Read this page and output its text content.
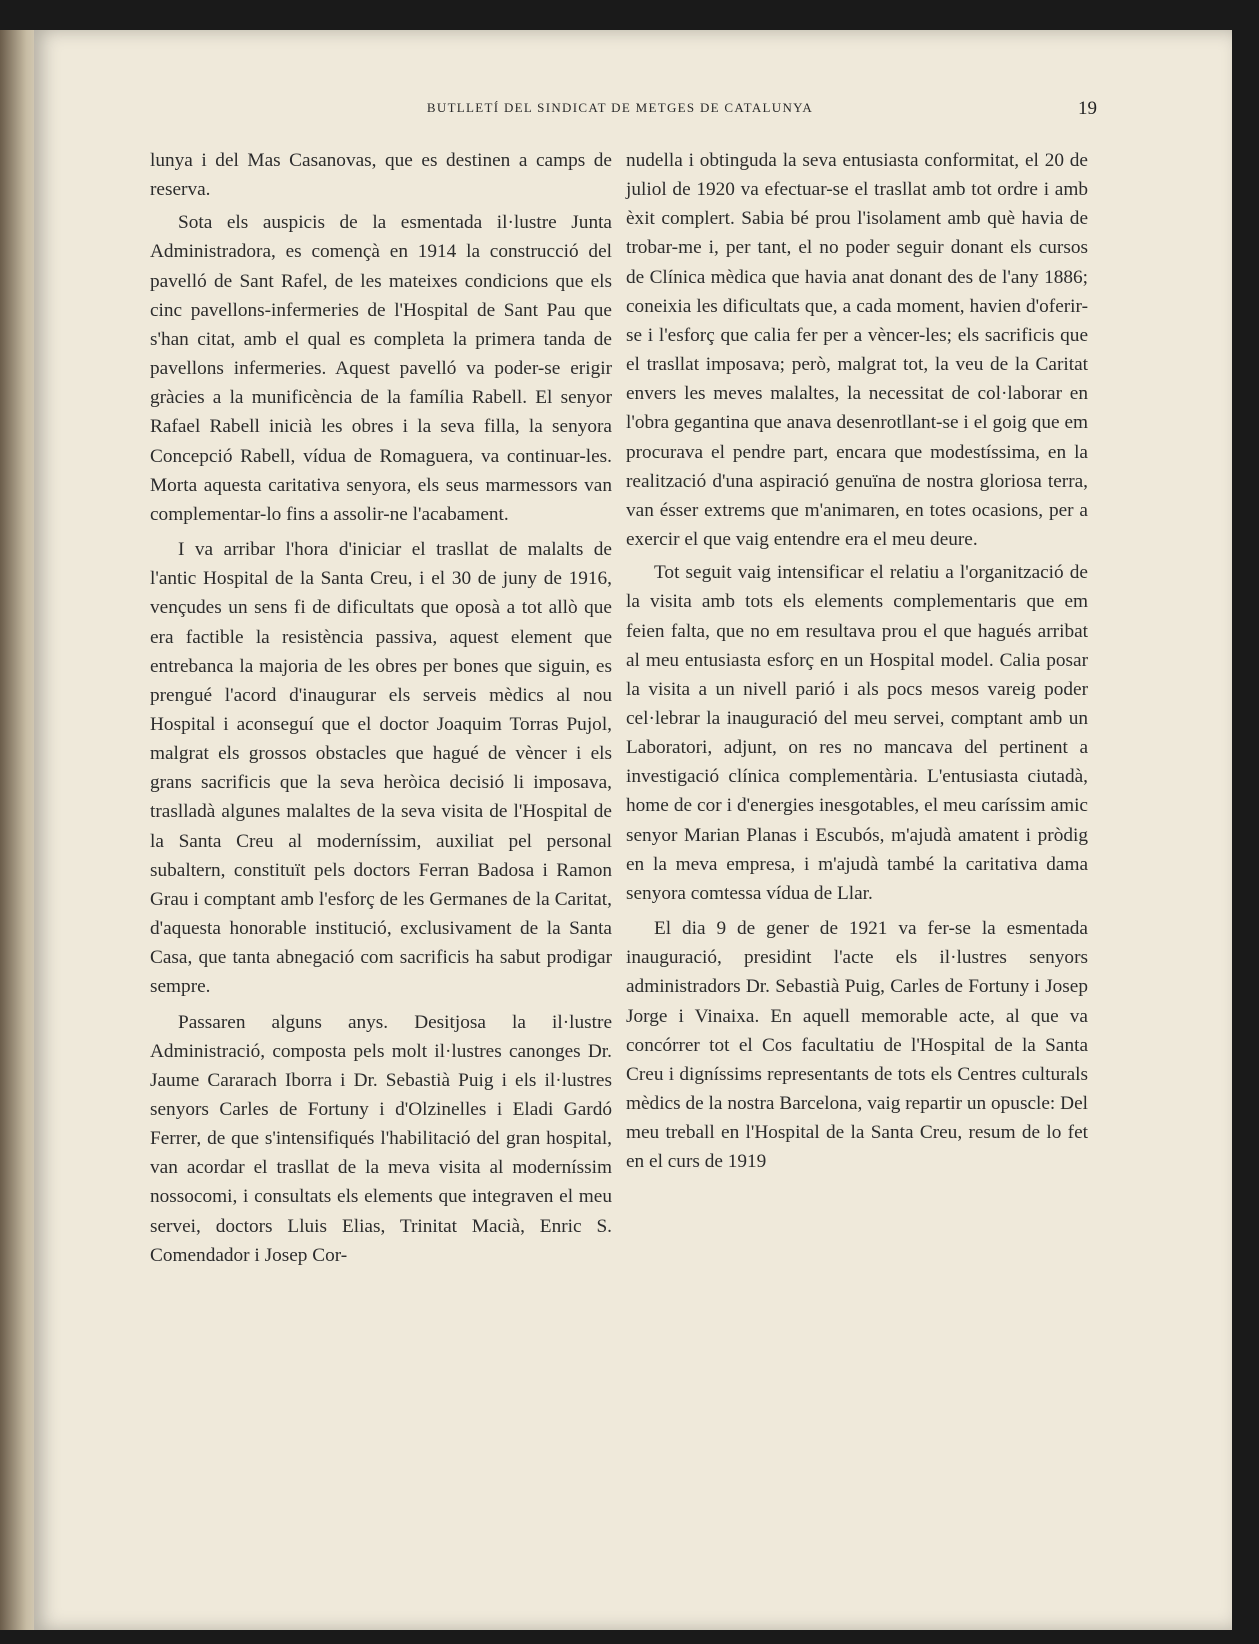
BUTLLETÍ DEL SINDICAT DE METGES DE CATALUNYA	19

lunya i del Mas Casanovas, que es destinen a camps de reserva.

Sota els auspicis de la esmentada il·lustre Junta Administradora, es començà en 1914 la construcció del pavelló de Sant Rafel, de les mateixes condicions que els cinc pavellons-infermeries de l'Hospital de Sant Pau que s'han citat, amb el qual es completa la primera tanda de pavellons infermeries. Aquest pavelló va poder-se erigir gràcies a la munificència de la família Rabell. El senyor Rafael Rabell inicià les obres i la seva filla, la senyora Concepció Rabell, vídua de Romaguera, va continuar-les. Morta aquesta caritativa senyora, els seus marmessors van complementar-lo fins a assolir-ne l'acabament.

I va arribar l'hora d'iniciar el trasllat de malalts de l'antic Hospital de la Santa Creu, i el 30 de juny de 1916, vençudes un sens fi de dificultats que oposà a tot allò que era factible la resistència passiva, aquest element que entrebanca la majoria de les obres per bones que siguin, es prengué l'acord d'inaugurar els serveis mèdics al nou Hospital i aconseguí que el doctor Joaquim Torras Pujol, malgrat els grossos obstacles que hagué de vèncer i els grans sacrificis que la seva heròica decisió li imposava, traslladà algunes malaltes de la seva visita de l'Hospital de la Santa Creu al moderníssim, auxiliat pel personal subaltern, constituït pels doctors Ferran Badosa i Ramon Grau i comptant amb l'esforç de les Germanes de la Caritat, d'aquesta honorable institució, exclusivament de la Santa Casa, que tanta abnegació com sacrificis ha sabut prodigar sempre.

Passaren alguns anys. Desitjosa la il·lustre Administració, composta pels molt il·lustres canonges Dr. Jaume Cararach Iborra i Dr. Sebastià Puig i els il·lustres senyors Carles de Fortuny i d'Olzinelles i Eladi Gardó Ferrer, de que s'intensifiqués l'habilitació del gran hospital, van acordar el trasllat de la meva visita al moderníssim nossocomi, i consultats els elements que integraven el meu servei, doctors Lluis Elias, Trinitat Macià, Enric S. Comendador i Josep Cor-

nudella i obtinguda la seva entusiasta conformitat, el 20 de juliol de 1920 va efectuar-se el trasllat amb tot ordre i amb èxit complert. Sabia bé prou l'isolament amb què havia de trobar-me i, per tant, el no poder seguir donant els cursos de Clínica mèdica que havia anat donant des de l'any 1886; coneixia les dificultats que, a cada moment, havien d'oferir-se i l'esforç que calia fer per a vèncer-les; els sacrificis que el trasllat imposava; però, malgrat tot, la veu de la Caritat envers les meves malaltes, la necessitat de col·laborar en l'obra gegantina que anava desenrotllant-se i el goig que em procurava el pendre part, encara que modestíssima, en la realització d'una aspiració genuïna de nostra gloriosa terra, van ésser extrems que m'animaren, en totes ocasions, per a exercir el que vaig entendre era el meu deure.

Tot seguit vaig intensificar el relatiu a l'organització de la visita amb tots els elements complementaris que em feien falta, que no em resultava prou el que hagués arribat al meu entusiasta esforç en un Hospital model. Calia posar la visita a un nivell parió i als pocs mesos vareig poder cel·lebrar la inauguració del meu servei, comptant amb un Laboratori, adjunt, on res no mancava del pertinent a investigació clínica complementària. L'entusiasta ciutadà, home de cor i d'energies inesgotables, el meu caríssim amic senyor Marian Planas i Escubós, m'ajudà amatent i pròdig en la meva empresa, i m'ajudà també la caritativa dama senyora comtessa vídua de Llar.

El dia 9 de gener de 1921 va fer-se la esmentada inauguració, presidint l'acte els il·lustres senyors administradors Dr. Sebastià Puig, Carles de Fortuny i Josep Jorge i Vinaixa. En aquell memorable acte, al que va concórrer tot el Cos facultatiu de l'Hospital de la Santa Creu i digníssims representants de tots els Centres culturals mèdics de la nostra Barcelona, vaig repartir un opuscle: Del meu treball en l'Hospital de la Santa Creu, resum de lo fet en el curs de 1919
